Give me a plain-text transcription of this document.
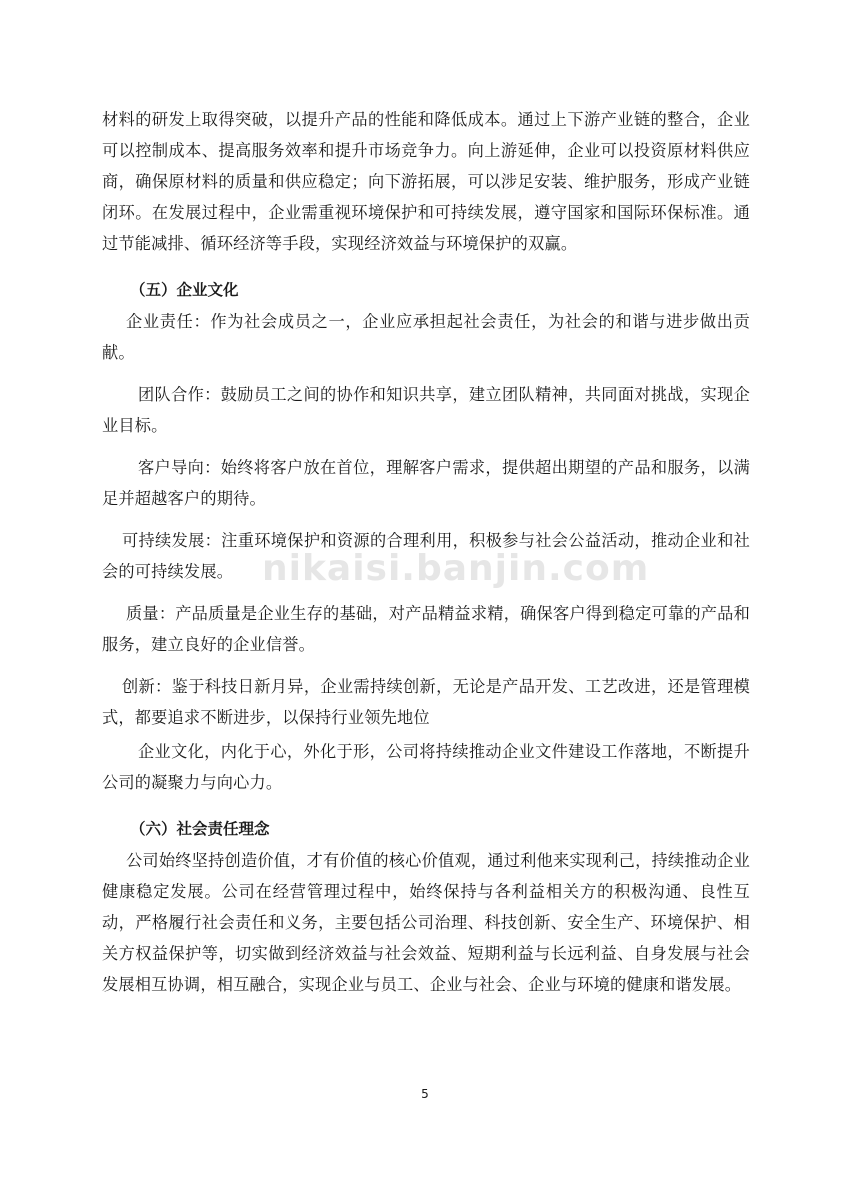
材料的研发上取得突破，以提升产品的性能和降低成本。通过上下游产业链的整合，企业可以控制成本、提高服务效率和提升市场竞争力。向上游延伸，企业可以投资原材料供应商，确保原材料的质量和供应稳定；向下游拓展，可以涉足安装、维护服务，形成产业链闭环。在发展过程中，企业需重视环境保护和可持续发展，遵守国家和国际环保标准。通过节能减排、循环经济等手段，实现经济效益与环境保护的双赢。

（五）企业文化

企业责任：作为社会成员之一，企业应承担起社会责任，为社会的和谐与进步做出贡献。

团队合作：鼓励员工之间的协作和知识共享，建立团队精神，共同面对挑战，实现企业目标。

客户导向：始终将客户放在首位，理解客户需求，提供超出期望的产品和服务，以满足并超越客户的期待。

可持续发展：注重环境保护和资源的合理利用，积极参与社会公益活动，推动企业和社会的可持续发展。

质量：产品质量是企业生存的基础，对产品精益求精，确保客户得到稳定可靠的产品和服务，建立良好的企业信誉。

创新：鉴于科技日新月异，企业需持续创新，无论是产品开发、工艺改进，还是管理模式，都要追求不断进步，以保持行业领先地位

企业文化，内化于心，外化于形，公司将持续推动企业文件建设工作落地，不断提升公司的凝聚力与向心力。

（六）社会责任理念

公司始终坚持创造价值，才有价值的核心价值观，通过利他来实现利己，持续推动企业健康稳定发展。公司在经营管理过程中，始终保持与各利益相关方的积极沟通、良性互动，严格履行社会责任和义务，主要包括公司治理、科技创新、安全生产、环境保护、相关方权益保护等，切实做到经济效益与社会效益、短期利益与长远利益、自身发展与社会发展相互协调，相互融合，实现企业与员工、企业与社会、企业与环境的健康和谐发展。

nikaisi.banjin.com
5
